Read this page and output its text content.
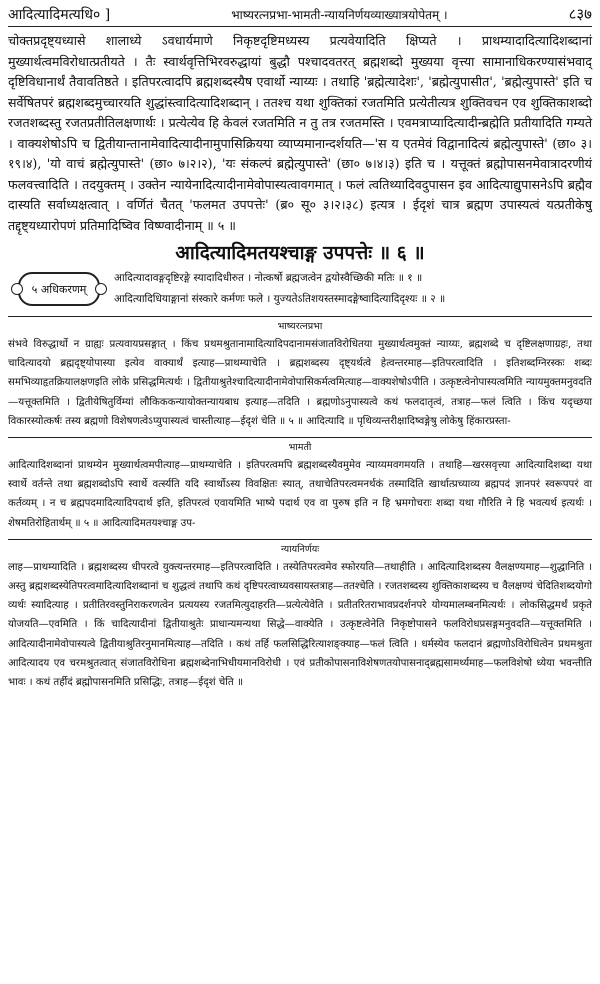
आदित्यादिमत्यधि० ]	भाष्यरत्नप्रभा-भामती-न्यायनिर्णयव्याख्यात्रयोपेतम् ।	८३७

चोक्तप्रदृष्ट्यध्यासे शालाध्ये ऽवधार्यमाणे निकृष्टदृष्टिमध्यस्य प्रत्यवेयादिति क्षिप्यते । प्राथम्यादादित्यादिशब्दानां मुख्यार्थत्वमविरोधात्प्रतीयते । तैः स्वार्थवृत्तिभिरवरुद्धायां बुद्धौ पश्चादवतरत् ब्रह्मशब्दो मुख्यया वृत्त्या सामानाधिकरण्यासंभवाद् दृष्टिविधानार्थं तैवावतिष्ठते । इतिपरत्वादपि ब्रह्मशब्दस्यैष एवार्थो न्याय्यः । तथाहि 'ब्रह्मेत्यादेशः', 'ब्रह्मेत्युपासीत', 'ब्रह्मेत्युपास्ते' इति च सर्वेषितपरं ब्रह्मशब्दमुच्चारयति शुद्धांस्त्वादित्यादिशब्दान् । ततश्च यथा शुक्तिकां रजतमिति प्रत्येतीत्यत्र शुक्तिवचन एव शुक्तिकाशब्दो रजतशब्दस्तु रजतप्रतीतिलक्षणार्थः । प्रत्येत्येव हि केवलं रजतमिति न तु तत्र रजतमस्ति । एवमत्राप्यादित्यादीन्ब्रह्मेति प्रतीयादिति गम्यते । वाक्यशेषोऽपि च द्वितीयान्तानामेवादित्यादीनामुपासिक्रियया व्याप्यमानान्दर्शयति—'स य एतमेवं विद्वानादित्यं ब्रह्मेत्युपास्ते' (छा० ३।१९।४), 'यो वाचं ब्रह्मेत्युपास्ते' (छा० ७।२।२), 'यः संकल्पं ब्रह्मेत्युपास्ते' (छा० ७।४।३) इति च । यत्तूक्तं ब्रह्मोपासनमेवात्रादरणीयं फलवत्त्वादिति । तदयुक्तम् । उक्तेन न्यायेनादित्यादीनामेवोपास्यत्वावगमात् । फलं त्वतिथ्यादिवदुपासन इव आदित्याद्युपासनेऽपि ब्रह्मैव दास्यति सर्वाध्यक्षत्वात् । वर्णितं चैतत् 'फलमत उपपत्तेः' (ब्र० सू० ३।२।३८) इत्यत्र । ईदृशं चात्र ब्रह्मण उपास्यत्वं यत्प्रतीकेषु तद्दृष्ट्यध्यारोपणं प्रतिमादिष्विव विष्ण्वादीनाम् ॥ ५ ॥

आदित्यादिमतयश्चाङ्ग उपपत्तेः ॥ ६ ॥
५ अधिकरणम्
आदित्यादावङ्गदृष्टिरङ्गे स्यादादिधीरुत । नोत्कर्षो ब्रह्मजत्वेन द्वयोस्वैच्छिकी मतिः ॥ १ ॥
आदित्यादिधियाङ्गानां संस्कारे कर्मणः फले । युज्यतेऽतिशयस्तस्मादङ्गेष्वादित्यादिदृश्यः ॥ २ ॥
भाष्यरत्नप्रभा

संभवे विरुद्धार्थो न ग्राह्यः प्रत्यवायप्रसङ्गात् । किंच प्रथमश्रुतानामादित्यादिपदानामसंजातविरोधितया मुख्यार्थत्वमुक्तं न्याय्यः, ब्रह्मशब्दे च दृष्टिलक्षणाग्रहः, तथा चादित्यादयो ब्रह्मदृष्ट्योपास्या इत्येव वाक्यार्थं इत्याह—प्राथम्याचेति । ब्रह्मशब्दस्य दृष्ट्यर्थत्वे हेत्वन्तरमाह—इतिपरत्वादिति । इतिशब्दग्निरस्कः शब्दः समभिव्याहृतक्रियालक्षणइति लोके प्रसिद्धमित्यर्थः । द्वितीयाश्रुतेश्चादित्यादीनामेवोपासिकर्मत्वमित्याह—वाक्यशेषोऽपीति । उत्कृष्टत्वेनोपास्यत्वमिति न्यायमुक्तमनुवदति—यत्तूक्तमिति । द्वितीयेषितुर्विम्यां लौकिककन्यायोक्तन्यायबाध इत्याह—तदिति । ब्रह्मणोऽनुपास्यत्वे कथं फलदातृत्वं, तत्राह—फलं त्विति । किंच यदृच्छया विकारस्योत्कर्षः तस्य ब्रह्मणो विशेषणत्वेऽप्युपास्यत्वं चास्तीत्याह—ईदृशं चेति ॥ ५ ॥ आदित्यादि ॥ पृथिव्यन्तरीक्षादिष्वङ्गेषु लोकेषु हिंकारप्रस्ता-

भामती

आदित्यादिशब्दानां प्राथम्येन मुख्यार्थत्वमपीत्याह—प्राथम्याचेति । इतिपरत्वमपि ब्रह्मशब्दस्यैवमुमेव न्याय्यमवगमयति । तथाहि—खरसवृत्त्या आदित्यादिशब्दा यथा स्वार्थे वर्तन्ते तथा ब्रह्मशब्दोऽपि स्वार्थे वर्त्स्यति यदि स्वार्थोऽस्य विवक्षितः स्यात्, तथाचेतिपरत्वमनर्थकं तस्मादिति खार्थात्प्रच्याव्य ब्रह्मपदं ज्ञानपरं स्वरूपपरं वा कर्तव्यम् । न च ब्रह्मपदमादित्यादिपदार्थ इति, इतिपरत्वं एवायमिति भाष्ये पदार्थ एव वा पुरुष इति न हि भ्रमगोचराः शब्दा यथा गौरिति ने हि भवत्यर्थ इत्यर्थः । शेषमतिरोहितार्थम् ॥ ५ ॥ आदित्यादिमतयश्चाङ्ग उप-

न्यायनिर्णयः

लाह—प्राथम्यादिति । ब्रह्मशब्दस्य धीपरत्वे युक्त्यन्तरमाह—इतिपरत्वादिति । तस्येतिपरत्वमेव स्फोरयति—तथाहीति । आदित्यादिशब्दस्य वैलक्षण्यमाह—शुद्धानिति । अस्तु ब्रह्मशब्दस्येतिपरत्वमादित्यादिशब्दानां च शुद्धत्वं तथापि कथं दृष्टिपरत्वाध्यवसायस्तत्राह—ततश्चेति । रजतशब्दस्य शुक्तिकाशब्दस्य च वैलक्षण्यं चेदितिशब्दयोगो व्यर्थः स्यादित्याह । प्रतीतिरवस्तुनिराकरणत्वेन प्रत्ययस्य रजतमित्युदाहरति—प्रत्येत्येवेति । प्रतीतरितराभावप्रदर्शनपरे योग्यमालम्बनमित्यर्थः । लोकसिद्धमर्थं प्रकृते योजयति—एवमिति । किं चादित्यादीनां द्वितीयाश्रुतेः प्राधान्यमन्यथा सिद्धे—वाक्येति । उत्कृष्टत्वेनेति निकृष्टोपासने फलविरोधप्रसङ्गमनुवदति—यत्तूक्तमिति । आदित्यादीनामेवोपास्यत्वे द्वितीयाश्रुतिरनुमानमित्याह—तदिति । कथं तर्हि फलसिद्धिरित्याशङ्क्याह—फलं त्विति । धर्मस्येव फलदानं ब्रह्मणोऽविरोधित्वेन प्रथमश्रुता आदित्यादय एव चरमश्रुतत्वात् संजातविरोधिना ब्रह्मशब्देनाभिधीयमानविरोधी । एवं प्रतीकोपासनाविशेषणतयोपासनाद्ब्रह्मसामर्थ्यमाह—फलविशेषो ध्येया भवन्तीति भावः । कथं तर्हीदं ब्रह्मोपासनमिति प्रसिद्धिः, तत्राह—ईदृशं चेति ॥
